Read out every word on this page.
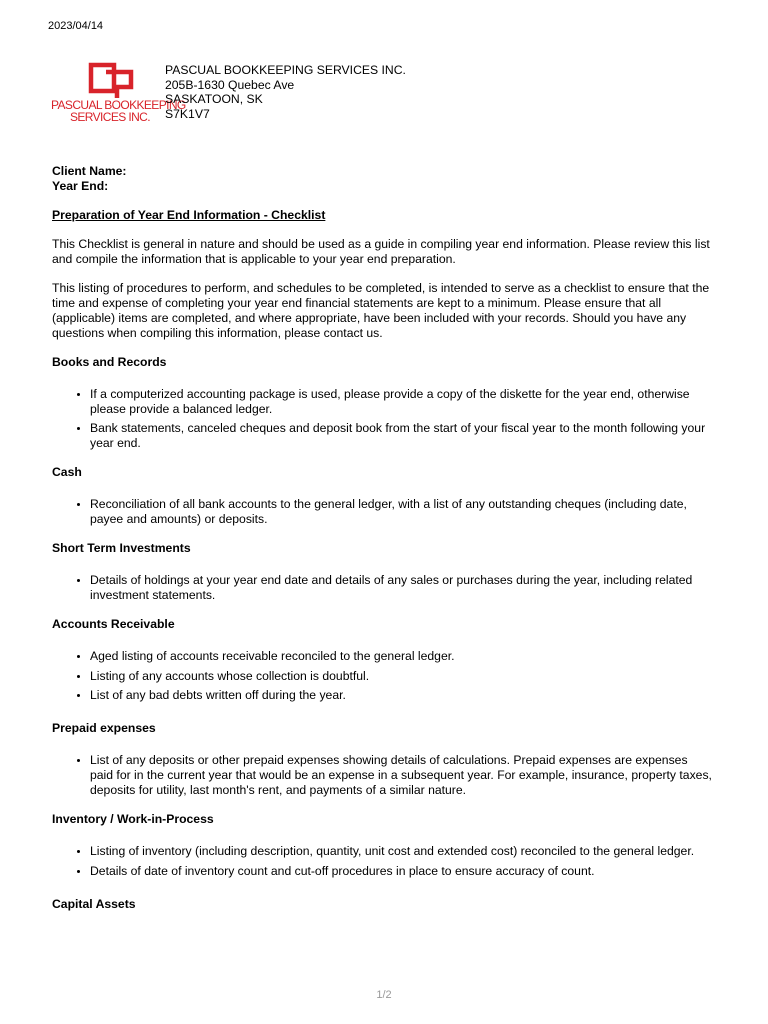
2023/04/14
PASCUAL BOOKKEEPING
SERVICES INC.
PASCUAL BOOKKEEPING SERVICES INC.
205B-1630 Quebec Ave
SASKATOON, SK
S7K1V7
Client Name:
Year End:
Preparation of Year End Information - Checklist

This Checklist is general in nature and should be used as a guide in compiling year end information. Please review this list and compile the information that is applicable to your year end preparation.

This listing of procedures to perform, and schedules to be completed, is intended to serve as a checklist to ensure that the time and expense of completing your year end financial statements are kept to a minimum. Please ensure that all (applicable) items are completed, and where appropriate, have been included with your records. Should you have any questions when compiling this information, please contact us.

Books and Records
• If a computerized accounting package is used, please provide a copy of the diskette for the year end, otherwise please provide a balanced ledger.
• Bank statements, canceled cheques and deposit book from the start of your fiscal year to the month following your year end.
Cash
• Reconciliation of all bank accounts to the general ledger, with a list of any outstanding cheques (including date, payee and amounts) or deposits.
Short Term Investments
• Details of holdings at your year end date and details of any sales or purchases during the year, including related investment statements.
Accounts Receivable
• Aged listing of accounts receivable reconciled to the general ledger.
• Listing of any accounts whose collection is doubtful.
• List of any bad debts written off during the year.
Prepaid expenses
• List of any deposits or other prepaid expenses showing details of calculations. Prepaid expenses are expenses paid for in the current year that would be an expense in a subsequent year. For example, insurance, property taxes, deposits for utility, last month's rent, and payments of a similar nature.
Inventory / Work-in-Process
• Listing of inventory (including description, quantity, unit cost and extended cost) reconciled to the general ledger.
• Details of date of inventory count and cut-off procedures in place to ensure accuracy of count.
Capital Assets
1/2
